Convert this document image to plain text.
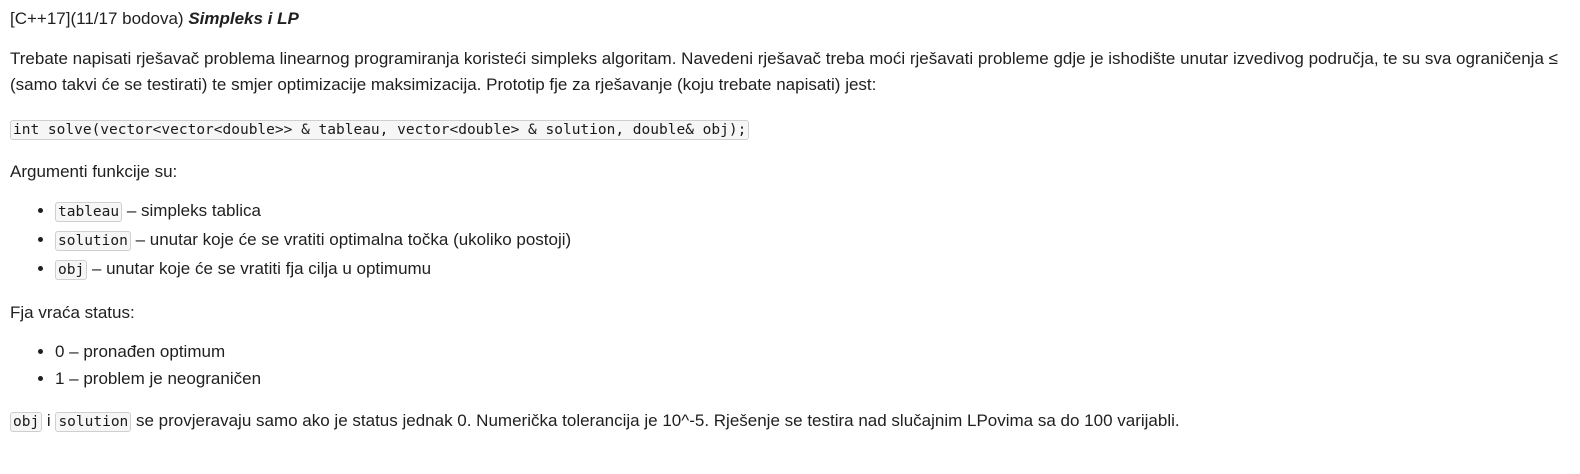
[C++17](11/17 bodova) Simpleks i LP

Trebate napisati rješavač problema linearnog programiranja koristeći simpleks algoritam. Navedeni rješavač treba moći rješavati probleme gdje je ishodište unutar izvedivog područja, te su sva ograničenja ≤ (samo takvi će se testirati) te smjer optimizacije maksimizacija. Prototip fje za rješavanje (koju trebate napisati) jest:

int solve(vector<vector<double>> & tableau, vector<double> & solution, double& obj);

Argumenti funkcije su:

• tableau – simpleks tablica
• solution – unutar koje će se vratiti optimalna točka (ukoliko postoji)
• obj – unutar koje će se vratiti fja cilja u optimumu

Fja vraća status:

• 0 – pronađen optimum
• 1 – problem je neograničen

obj i solution se provjeravaju samo ako je status jednak 0. Numerička tolerancija je 10^-5. Rješenje se testira nad slučajnim LPovima sa do 100 varijabli.
